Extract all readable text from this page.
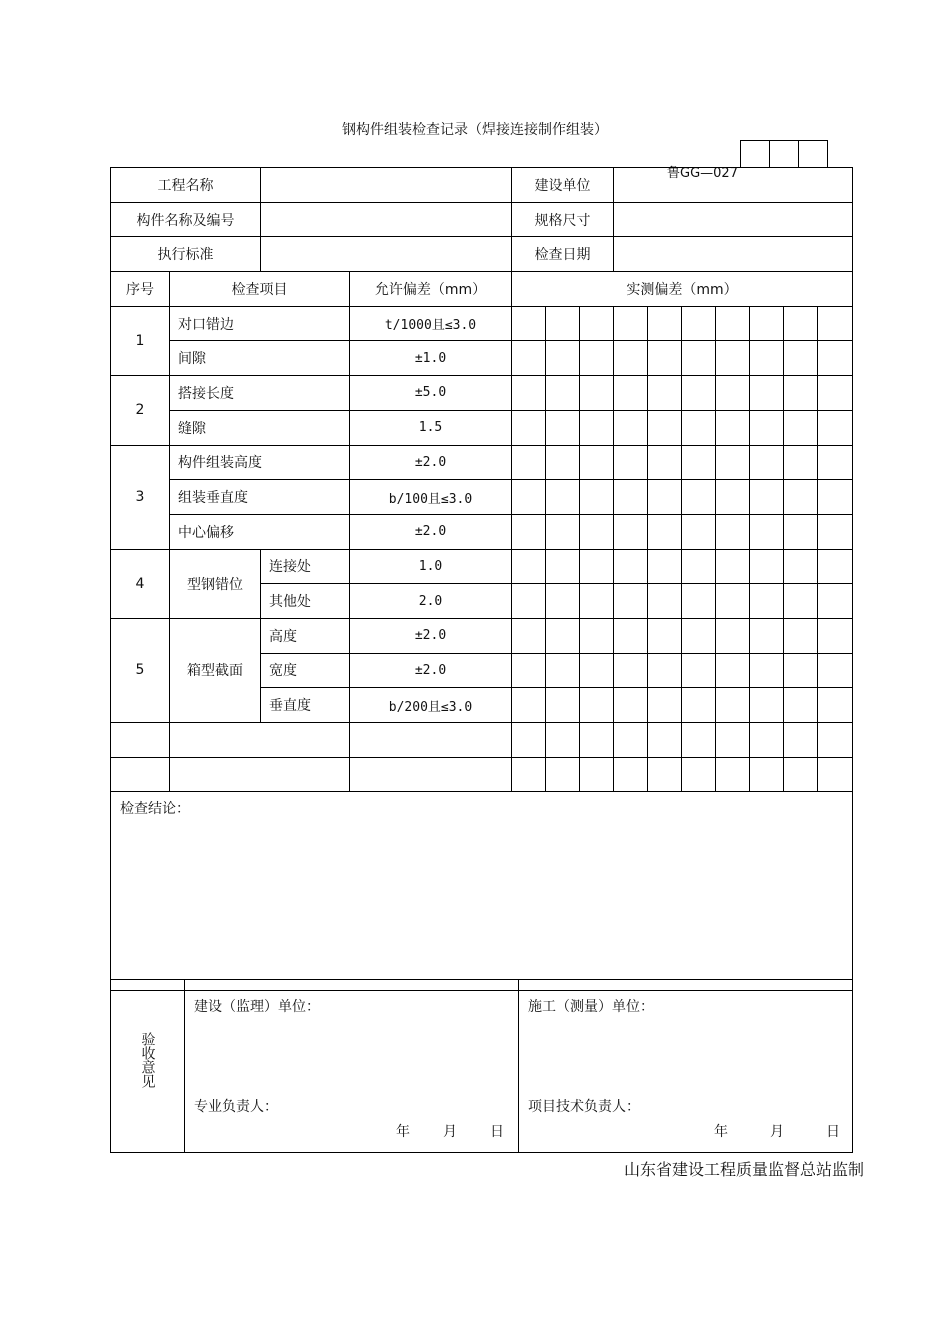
钢构件组装检查记录（焊接连接制作组装）
鲁GG—027
工程名称				建设单位									
构件名称及编号				规格尺寸									
执行标准				检查日期									
序号	检查项目		允许偏差（mm）	实测偏差（mm）									
1	对口错边		t/1000且≤3.0										
	间隙		±1.0										
2	搭接长度		±5.0										
	缝隙		1.5										
3	构件组装高度		±2.0										
	组装垂直度		b/100且≤3.0										
	中心偏移		±2.0										
4	型钢错位	连接处	1.0										
		其他处	2.0										
5	箱型截面	高度	±2.0										
		宽度	±2.0										
		垂直度	b/200且≤3.0										

检查结论：													
验收意见

建设（监理）单位：
专业负责人：
年	月	日

施工（测量）单位：
项目技术负责人：
年	月	日
山东省建设工程质量监督总站监制
